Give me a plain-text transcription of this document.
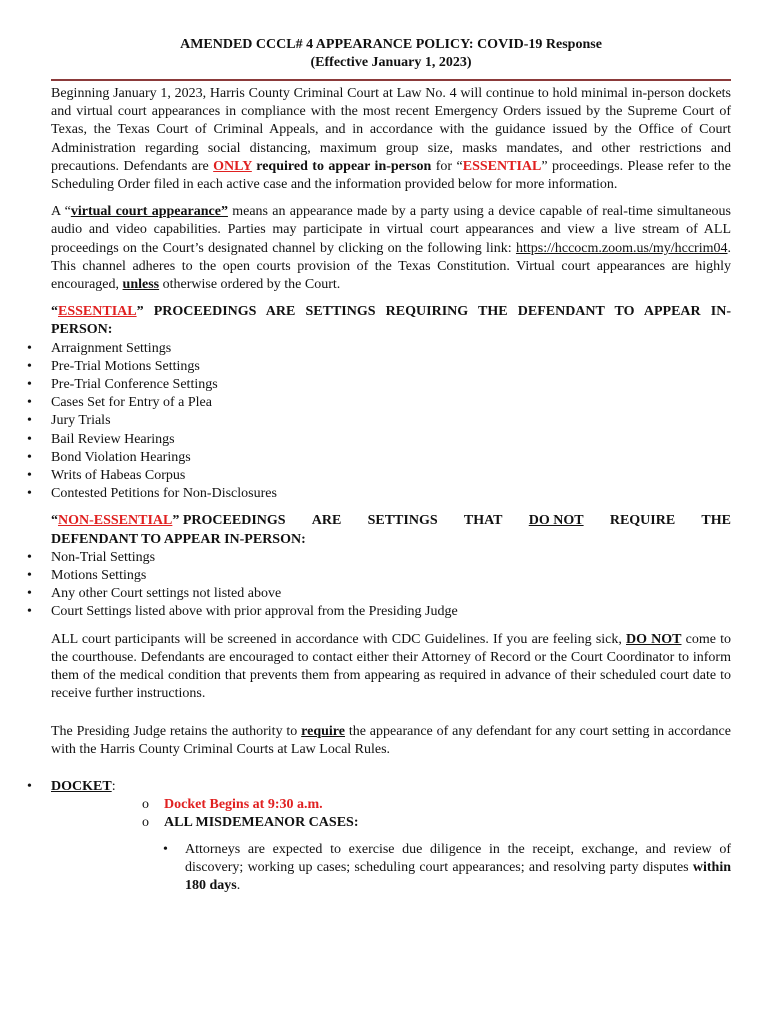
AMENDED CCCL# 4 APPEARANCE POLICY: COVID-19 Response
(Effective January 1, 2023)

Beginning January 1, 2023, Harris County Criminal Court at Law No. 4 will continue to hold minimal in-person dockets and virtual court appearances in compliance with the most recent Emergency Orders issued by the Supreme Court of Texas, the Texas Court of Criminal Appeals, and in accordance with the guidance issued by the Office of Court Administration regarding social distancing, maximum group size, masks mandates, and other restrictions and precautions. Defendants are ONLY required to appear in-person for “ESSENTIAL” proceedings. Please refer to the Scheduling Order filed in each active case and the information provided below for more information.

A “virtual court appearance” means an appearance made by a party using a device capable of real-time simultaneous audio and video capabilities. Parties may participate in virtual court appearances and view a live stream of ALL proceedings on the Court’s designated channel by clicking on the following link: https://hccocm.zoom.us/my/hccrim04. This channel adheres to the open courts provision of the Texas Constitution. Virtual court appearances are highly encouraged, unless otherwise ordered by the Court.

“ESSENTIAL” PROCEEDINGS ARE SETTINGS REQUIRING THE DEFENDANT TO APPEAR IN-PERSON:

• Arraignment Settings
• Pre-Trial Motions Settings
• Pre-Trial Conference Settings
• Cases Set for Entry of a Plea
• Jury Trials
• Bail Review Hearings
• Bond Violation Hearings
• Writs of Habeas Corpus
• Contested Petitions for Non-Disclosures
“NON-ESSENTIAL” PROCEEDINGS ARE SETTINGS THAT DO NOT REQUIRE THE

DEFENDANT TO APPEAR IN-PERSON:

• Non-Trial Settings
• Motions Settings
• Any other Court settings not listed above
• Court Settings listed above with prior approval from the Presiding Judge

ALL court participants will be screened in accordance with CDC Guidelines. If you are feeling sick, DO NOT come to the courthouse. Defendants are encouraged to contact either their Attorney of Record or the Court Coordinator to inform them of the medical condition that prevents them from appearing as required in advance of their scheduled court date to receive further instructions.

The Presiding Judge retains the authority to require the appearance of any defendant for any court setting in accordance with the Harris County Criminal Courts at Law Local Rules.

• DOCKET:
o Docket Begins at 9:30 a.m.
o ALL MISDEMEANOR CASES:
• Attorneys are expected to exercise due diligence in the receipt, exchange, and review of discovery; working up cases; scheduling court appearances; and resolving party disputes within 180 days.
